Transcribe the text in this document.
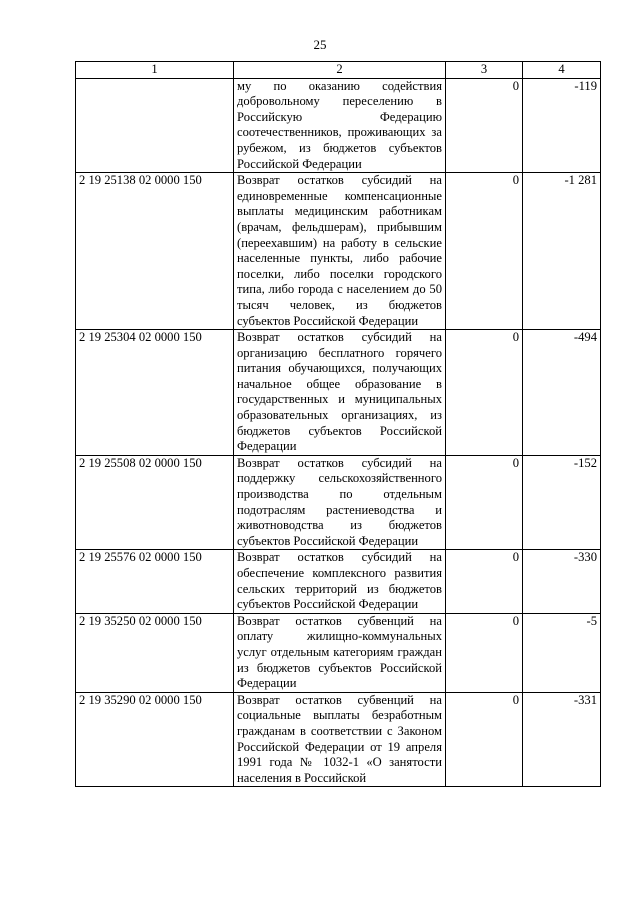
25
1	2	3	4
	му по оказанию содействия добровольному переселению в Российскую Федерацию соотечественников, проживающих за рубежом, из бюджетов субъектов Российской Федерации	0	-119
2 19 25138 02 0000 150	Возврат остатков субсидий на единовременные компенсационные выплаты медицинским работникам (врачам, фельдшерам), прибывшим (переехавшим) на работу в сельские населенные пункты, либо рабочие поселки, либо поселки городского типа, либо города с населением до 50 тысяч человек, из бюджетов субъектов Российской Федерации	0	-1 281
2 19 25304 02 0000 150	Возврат остатков субсидий на организацию бесплатного горячего питания обучающихся, получающих начальное общее образование в государственных и муниципальных образовательных организациях, из бюджетов субъектов Российской Федерации	0	-494
2 19 25508 02 0000 150	Возврат остатков субсидий на поддержку сельскохозяйственного производства по отдельным подотраслям растениеводства и животноводства из бюджетов субъектов Российской Федерации	0	-152
2 19 25576 02 0000 150	Возврат остатков субсидий на обеспечение комплексного развития сельских территорий из бюджетов субъектов Российской Федерации	0	-330
2 19 35250 02 0000 150	Возврат остатков субвенций на оплату жилищно-коммунальных услуг отдельным категориям граждан из бюджетов субъектов Российской Федерации	0	-5
2 19 35290 02 0000 150	Возврат остатков субвенций на социальные выплаты безработным гражданам в соответствии с Законом Российской Федерации от 19 апреля 1991 года № 1032-1 «О занятости населения в Российской	0	-331
